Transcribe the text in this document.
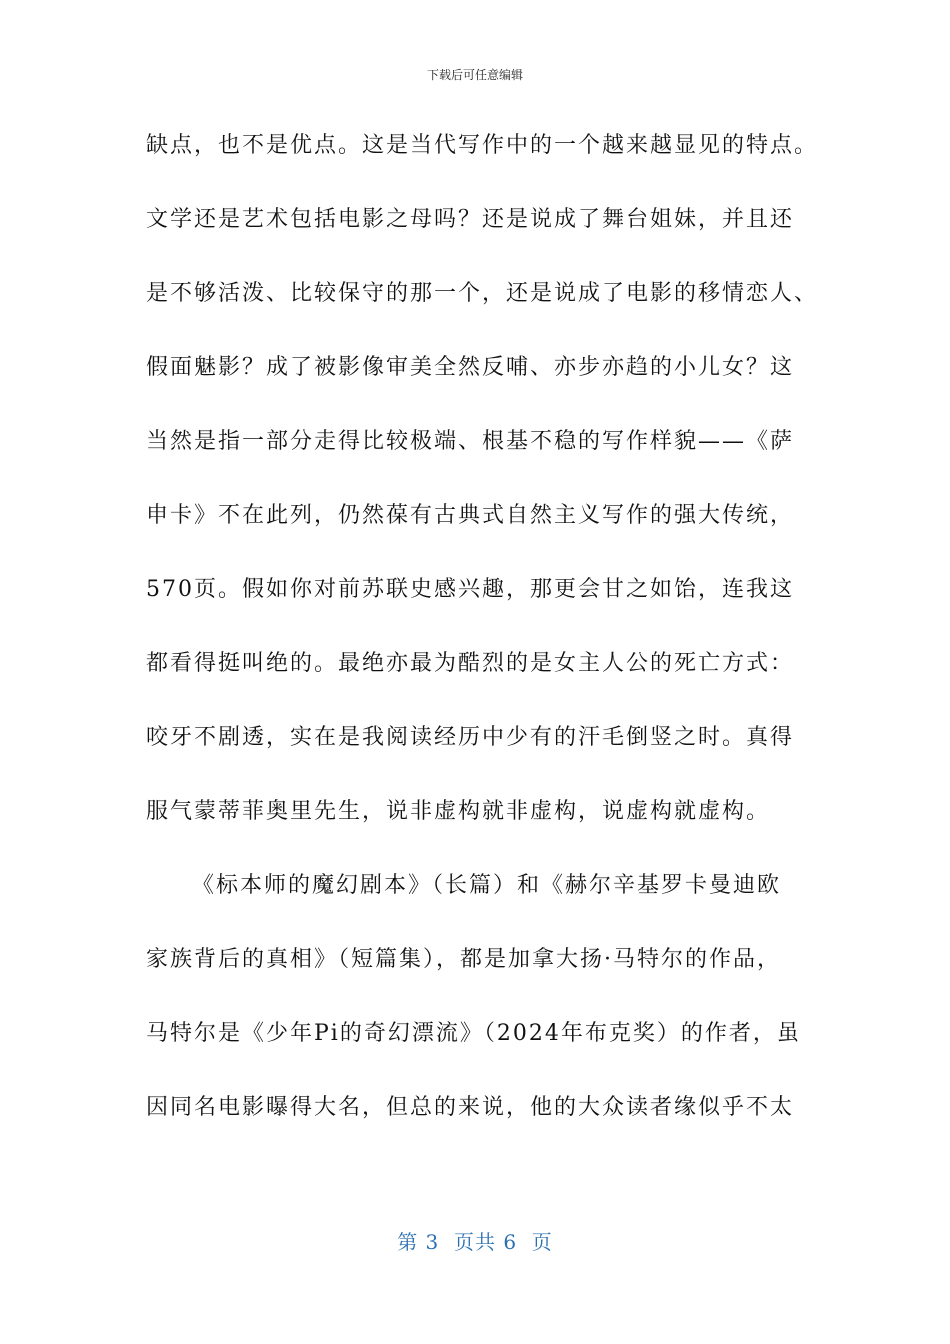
下载后可任意编辑
缺点，也不是优点。这是当代写作中的一个越来越显见的特点。
文学还是艺术包括电影之母吗？还是说成了舞台姐妹，并且还
是不够活泼、比较保守的那一个，还是说成了电影的移情恋人、
假面魅影？成了被影像审美全然反哺、亦步亦趋的小儿女？这
当然是指一部分走得比较极端、根基不稳的写作样貌——《萨
申卡》不在此列，仍然葆有古典式自然主义写作的强大传统，
570页。假如你对前苏联史感兴趣，那更会甘之如饴，连我这
都看得挺叫绝的。最绝亦最为酷烈的是女主人公的死亡方式：
咬牙不剧透，实在是我阅读经历中少有的汗毛倒竖之时。真得
服气蒙蒂菲奥里先生，说非虚构就非虚构，说虚构就虚构。
《标本师的魔幻剧本》（长篇）和《赫尔辛基罗卡曼迪欧
家族背后的真相》（短篇集），都是加拿大扬·马特尔的作品，
马特尔是《少年Pi的奇幻漂流》（2024年布克奖）的作者，虽
因同名电影曝得大名，但总的来说，他的大众读者缘似乎不太
第 3  页共 6  页
